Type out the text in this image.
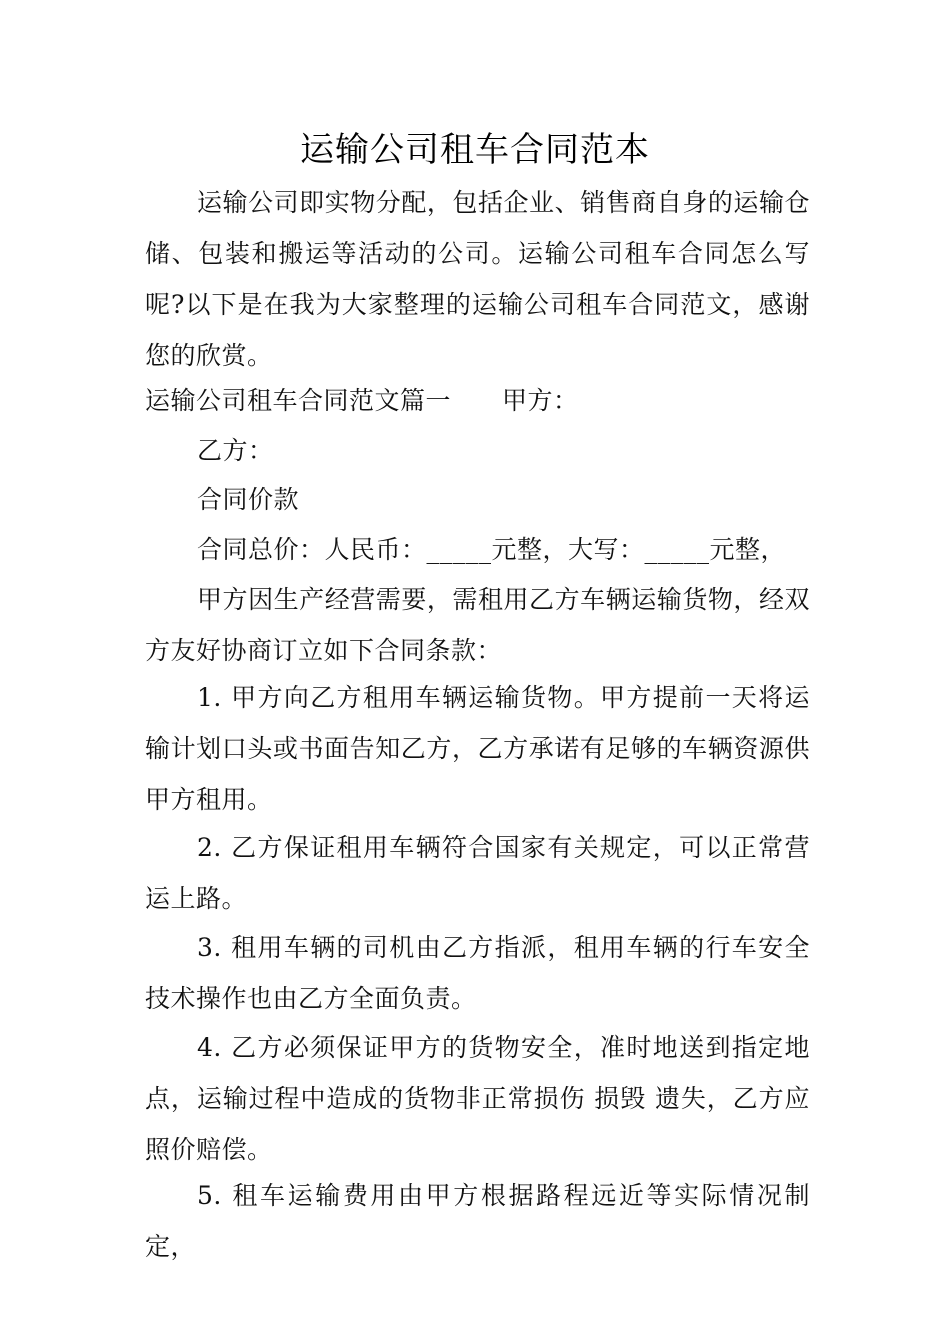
运输公司租车合同范本
运输公司即实物分配，包括企业、销售商自身的运输仓储、包装和搬运等活动的公司。运输公司租车合同怎么写呢?以下是在我为大家整理的运输公司租车合同范文，感谢您的欣赏。
运输公司租车合同范文篇一　　甲方：
乙方：
合同价款
合同总价：人民币：_____元整，大写：_____元整，
甲方因生产经营需要，需租用乙方车辆运输货物，经双方友好协商订立如下合同条款：
1. 甲方向乙方租用车辆运输货物。甲方提前一天将运输计划口头或书面告知乙方，乙方承诺有足够的车辆资源供甲方租用。
2. 乙方保证租用车辆符合国家有关规定，可以正常营运上路。
3. 租用车辆的司机由乙方指派，租用车辆的行车安全技术操作也由乙方全面负责。
4. 乙方必须保证甲方的货物安全，准时地送到指定地点，运输过程中造成的货物非正常损伤 损毁 遗失，乙方应照价赔偿。
5. 租车运输费用由甲方根据路程远近等实际情况制定，
